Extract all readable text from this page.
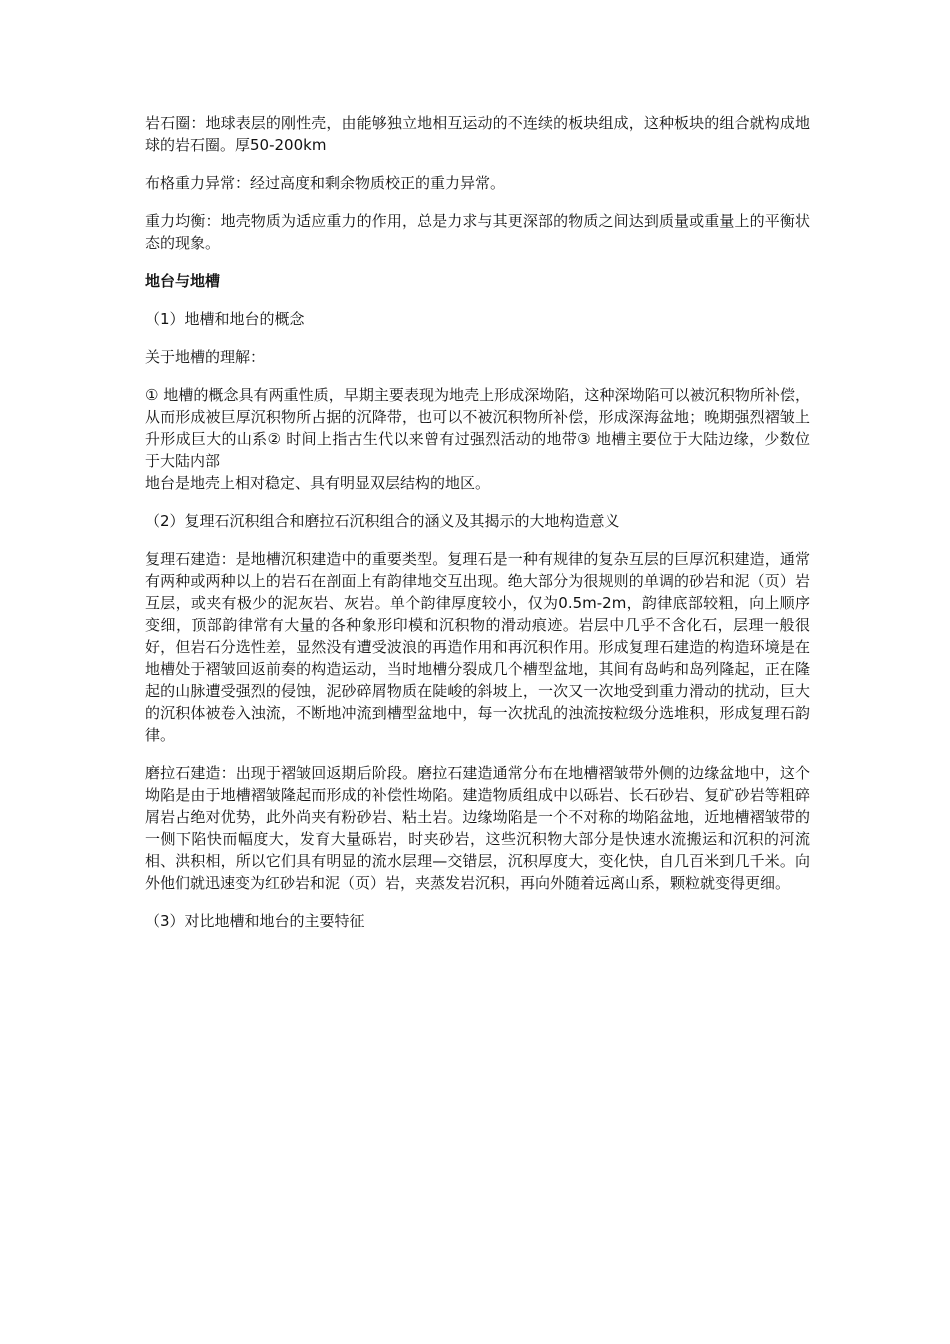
岩石圈：地球表层的刚性壳，由能够独立地相互运动的不连续的板块组成，这种板块的组合就构成地球的岩石圈。厚50-200km

布格重力异常：经过高度和剩余物质校正的重力异常。

重力均衡：地壳物质为适应重力的作用，总是力求与其更深部的物质之间达到质量或重量上的平衡状态的现象。

地台与地槽

（1）地槽和地台的概念

关于地槽的理解：

① 地槽的概念具有两重性质，早期主要表现为地壳上形成深坳陷，这种深坳陷可以被沉积物所补偿，从而形成被巨厚沉积物所占据的沉降带，也可以不被沉积物所补偿，形成深海盆地；晚期强烈褶皱上升形成巨大的山系② 时间上指古生代以来曾有过强烈活动的地带③ 地槽主要位于大陆边缘，少数位于大陆内部

地台是地壳上相对稳定、具有明显双层结构的地区。

（2）复理石沉积组合和磨拉石沉积组合的涵义及其揭示的大地构造意义

复理石建造：是地槽沉积建造中的重要类型。复理石是一种有规律的复杂互层的巨厚沉积建造，通常有两种或两种以上的岩石在剖面上有韵律地交互出现。绝大部分为很规则的单调的砂岩和泥（页）岩互层，或夹有极少的泥灰岩、灰岩。单个韵律厚度较小，仅为0.5m-2m，韵律底部较粗，向上顺序变细，顶部韵律常有大量的各种象形印模和沉积物的滑动痕迹。岩层中几乎不含化石，层理一般很好，但岩石分选性差，显然没有遭受波浪的再造作用和再沉积作用。形成复理石建造的构造环境是在地槽处于褶皱回返前奏的构造运动，当时地槽分裂成几个槽型盆地，其间有岛屿和岛列隆起，正在隆起的山脉遭受强烈的侵蚀，泥砂碎屑物质在陡峻的斜坡上，一次又一次地受到重力滑动的扰动，巨大的沉积体被卷入浊流，不断地冲流到槽型盆地中，每一次扰乱的浊流按粒级分选堆积，形成复理石韵律。

磨拉石建造：出现于褶皱回返期后阶段。磨拉石建造通常分布在地槽褶皱带外侧的边缘盆地中，这个坳陷是由于地槽褶皱隆起而形成的补偿性坳陷。建造物质组成中以砾岩、长石砂岩、复矿砂岩等粗碎屑岩占绝对优势，此外尚夹有粉砂岩、粘土岩。边缘坳陷是一个不对称的坳陷盆地，近地槽褶皱带的一侧下陷快而幅度大，发育大量砾岩，时夹砂岩，这些沉积物大部分是快速水流搬运和沉积的河流相、洪积相，所以它们具有明显的流水层理—交错层，沉积厚度大，变化快，自几百米到几千米。向外他们就迅速变为红砂岩和泥（页）岩，夹蒸发岩沉积，再向外随着远离山系，颗粒就变得更细。

（3）对比地槽和地台的主要特征
